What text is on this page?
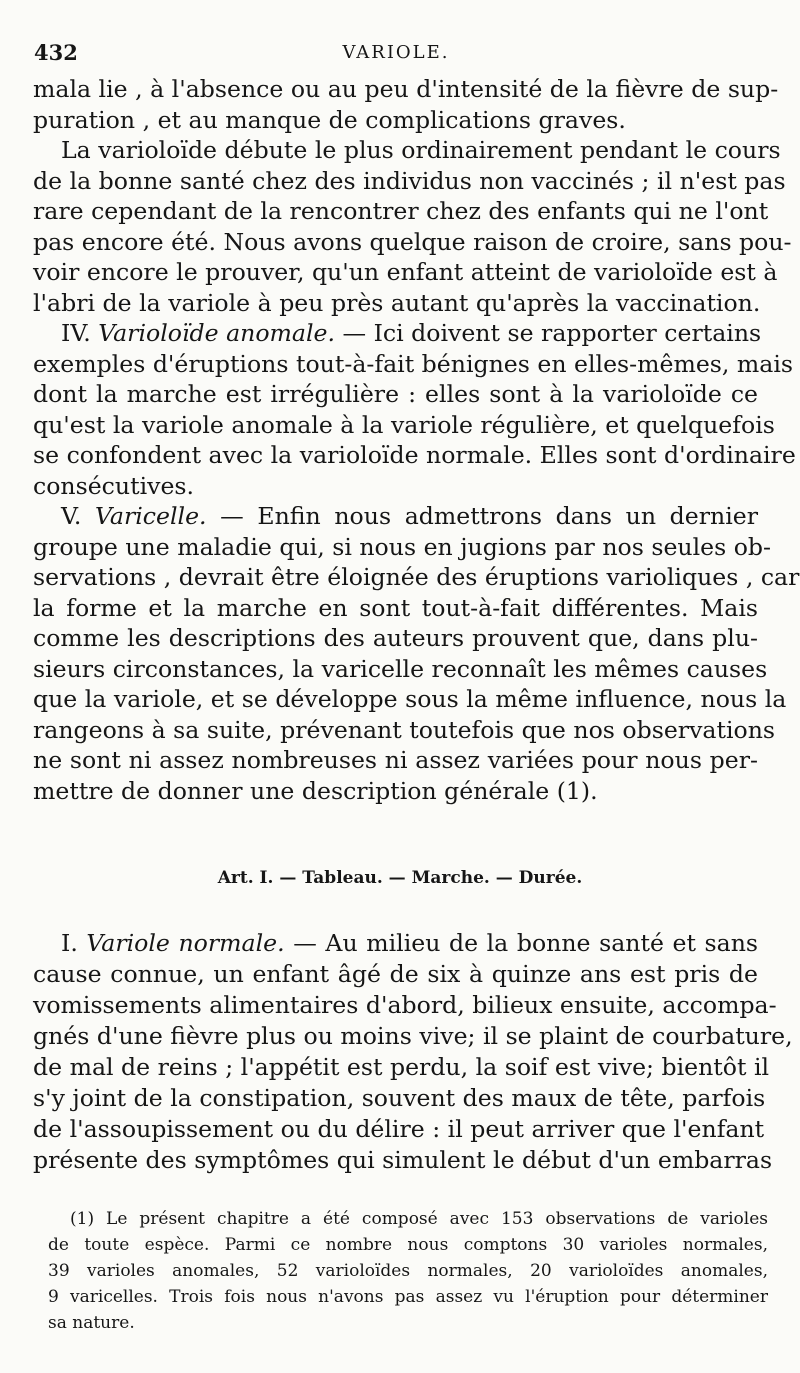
432	VARIOLE.
mala lie , à l'absence ou au peu d'intensité de la fièvre de sup-
puration , et au manque de complications graves.
La varioloïde débute le plus ordinairement pendant le cours
de la bonne santé chez des individus non vaccinés ; il n'est pas
rare cependant de la rencontrer chez des enfants qui ne l'ont
pas encore été. Nous avons quelque raison de croire, sans pou-
voir encore le prouver, qu'un enfant atteint de varioloïde est à
l'abri de la variole à peu près autant qu'après la vaccination.
IV. Varioloïde anomale. — Ici doivent se rapporter certains
exemples d'éruptions tout-à-fait bénignes en elles-mêmes, mais
dont la marche est irrégulière : elles sont à la varioloïde ce
qu'est la variole anomale à la variole régulière, et quelquefois
se confondent avec la varioloïde normale. Elles sont d'ordinaire
consécutives.
V. Varicelle. — Enfin nous admettrons dans un dernier
groupe une maladie qui, si nous en jugions par nos seules ob-
servations , devrait être éloignée des éruptions varioliques , car
la forme et la marche en sont tout-à-fait différentes. Mais
comme les descriptions des auteurs prouvent que, dans plu-
sieurs circonstances, la varicelle reconnaît les mêmes causes
que la variole, et se développe sous la même influence, nous la
rangeons à sa suite, prévenant toutefois que nos observations
ne sont ni assez nombreuses ni assez variées pour nous per-
mettre de donner une description générale (1).
Art. I. — Tableau. — Marche. — Durée.
I. Variole normale. — Au milieu de la bonne santé et sans
cause connue, un enfant âgé de six à quinze ans est pris de
vomissements alimentaires d'abord, bilieux ensuite, accompa-
gnés d'une fièvre plus ou moins vive; il se plaint de courbature,
de mal de reins ; l'appétit est perdu, la soif est vive; bientôt il
s'y joint de la constipation, souvent des maux de tête, parfois
de l'assoupissement ou du délire : il peut arriver que l'enfant
présente des symptômes qui simulent le début d'un embarras
(1) Le présent chapitre a été composé avec 153 observations de varioles
de toute espèce. Parmi ce nombre nous comptons 30 varioles normales,
39 varioles anomales, 52 varioloïdes normales, 20 varioloïdes anomales,
9 varicelles. Trois fois nous n'avons pas assez vu l'éruption pour déterminer
sa nature.
